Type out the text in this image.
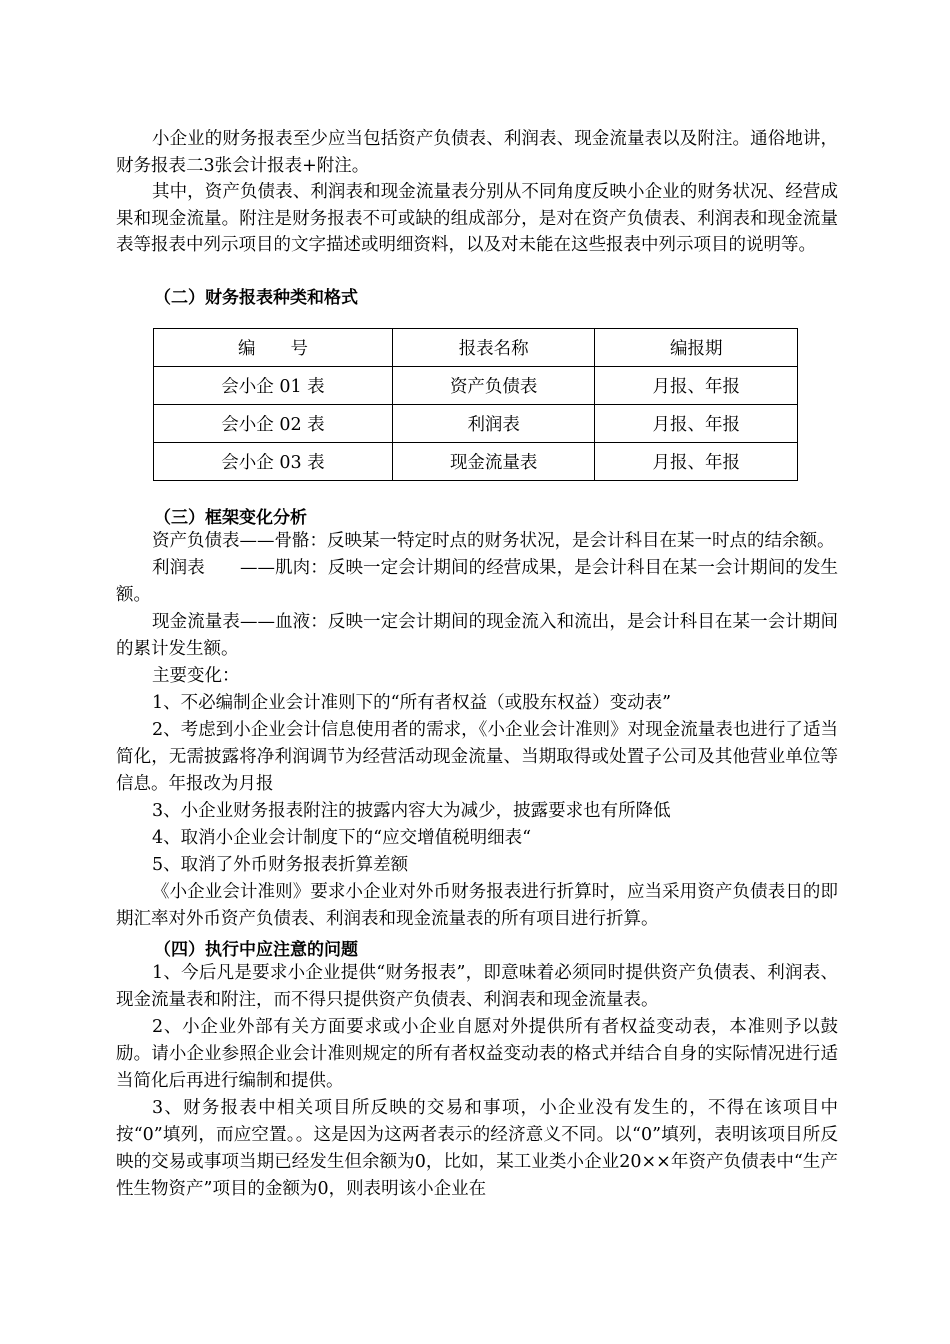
小企业的财务报表至少应当包括资产负债表、利润表、现金流量表以及附注。通俗地讲，财务报表二3张会计报表+附注。

其中，资产负债表、利润表和现金流量表分别从不同角度反映小企业的财务状况、经营成果和现金流量。附注是财务报表不可或缺的组成部分，是对在资产负债表、利润表和现金流量表等报表中列示项目的文字描述或明细资料，以及对未能在这些报表中列示项目的说明等。

（二）财务报表种类和格式
编　　号	报表名称	编报期
会小企 01 表	资产负债表	月报、年报
会小企 02 表	利润表	月报、年报
会小企 03 表	现金流量表	月报、年报
（三）框架变化分析

资产负债表——骨骼：反映某一特定时点的财务状况，是会计科目在某一时点的结余额。

利润表　　——肌肉：反映一定会计期间的经营成果，是会计科目在某一会计期间的发生额。

现金流量表——血液：反映一定会计期间的现金流入和流出，是会计科目在某一会计期间的累计发生额。

主要变化：

1、不必编制企业会计准则下的“所有者权益（或股东权益）变动表”

2、考虑到小企业会计信息使用者的需求，《小企业会计准则》对现金流量表也进行了适当简化，无需披露将净利润调节为经营活动现金流量、当期取得或处置子公司及其他营业单位等信息。年报改为月报

3、小企业财务报表附注的披露内容大为减少，披露要求也有所降低

4、取消小企业会计制度下的“应交增值税明细表“

5、取消了外币财务报表折算差额

《小企业会计准则》要求小企业对外币财务报表进行折算时，应当采用资产负债表日的即期汇率对外币资产负债表、利润表和现金流量表的所有项目进行折算。

（四）执行中应注意的问题

1、今后凡是要求小企业提供“财务报表”，即意味着必须同时提供资产负债表、利润表、现金流量表和附注，而不得只提供资产负债表、利润表和现金流量表。

2、小企业外部有关方面要求或小企业自愿对外提供所有者权益变动表，本准则予以鼓励。请小企业参照企业会计准则规定的所有者权益变动表的格式并结合自身的实际情况进行适当简化后再进行编制和提供。

3、财务报表中相关项目所反映的交易和事项，小企业没有发生的，不得在该项目中按“0”填列，而应空置。。这是因为这两者表示的经济意义不同。以“0”填列，表明该项目所反映的交易或事项当期已经发生但余额为0，比如，某工业类小企业20××年资产负债表中“生产性生物资产”项目的金额为0，则表明该小企业在
